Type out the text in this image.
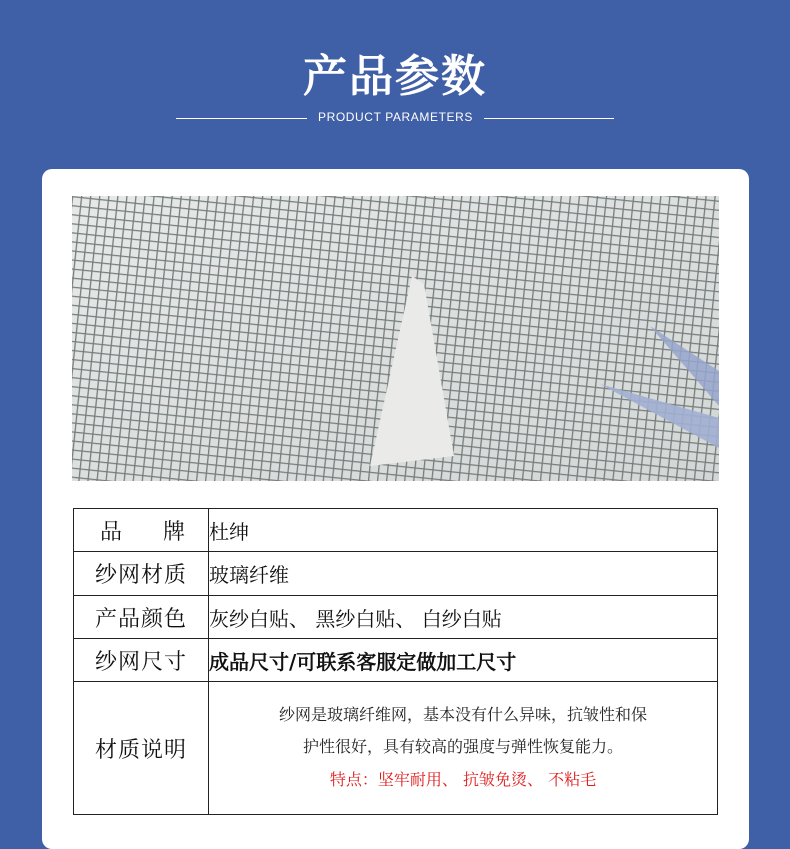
产品参数
PRODUCT PARAMETERS
品 牌	杜绅
纱网材质	玻璃纤维
产品颜色	灰纱白贴、 黑纱白贴、 白纱白贴
纱网尺寸	成品尺寸/可联系客服定做加工尺寸
材质说明	纱网是玻璃纤维网，基本没有什么异味，抗皱性和保
护性很好，具有较高的强度与弹性恢复能力。
特点：坚牢耐用、 抗皱免烫、 不粘毛
